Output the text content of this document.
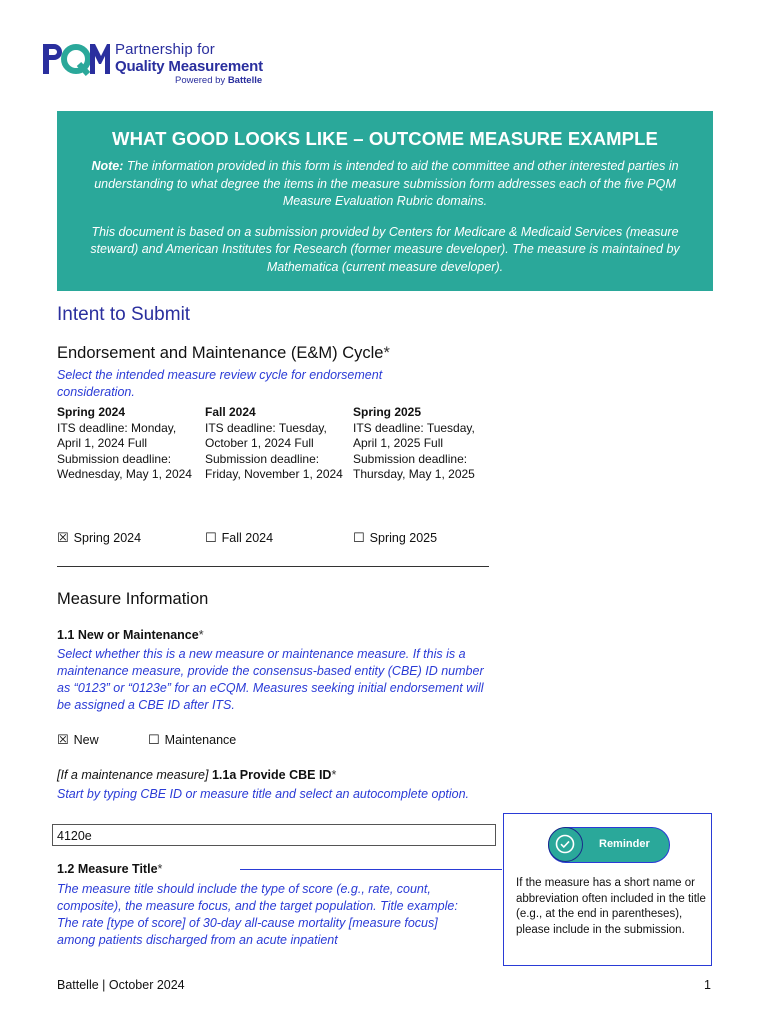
Partnership for
Quality Measurement
Powered by Battelle
WHAT GOOD LOOKS LIKE – OUTCOME MEASURE EXAMPLE
Note: The information provided in this form is intended to aid the committee and other interested parties in understanding to what degree the items in the measure submission form addresses each of the five PQM Measure Evaluation Rubric domains.
This document is based on a submission provided by Centers for Medicare & Medicaid Services (measure steward) and American Institutes for Research (former measure developer). The measure is maintained by Mathematica (current measure developer).
Intent to Submit
Endorsement and Maintenance (E&M) Cycle*
Select the intended measure review cycle for endorsement consideration.
Spring 2024
ITS deadline: Monday, April 1, 2024 Full Submission deadline: Wednesday, May 1, 2024
Fall 2024
ITS deadline: Tuesday, October 1, 2024 Full Submission deadline: Friday, November 1, 2024
Spring 2025
ITS deadline: Tuesday, April 1, 2025 Full Submission deadline: Thursday, May 1, 2025
☒ Spring 2024	☐ Fall 2024	☐ Spring 2025
Measure Information
1.1 New or Maintenance*
Select whether this is a new measure or maintenance measure. If this is a maintenance measure, provide the consensus-based entity (CBE) ID number as “0123” or “0123e” for an eCQM. Measures seeking initial endorsement will be assigned a CBE ID after ITS.
☒ New	☐ Maintenance
[If a maintenance measure] 1.1a Provide CBE ID*
Start by typing CBE ID or measure title and select an autocomplete option.
4120e
1.2 Measure Title*
The measure title should include the type of score (e.g., rate, count, composite), the measure focus, and the target population. Title example: The rate [type of score] of 30-day all-cause mortality [measure focus] among patients discharged from an acute inpatient
Reminder
If the measure has a short name or abbreviation often included in the title (e.g., at the end in parentheses), please include in the submission.
Battelle | October 2024	1
